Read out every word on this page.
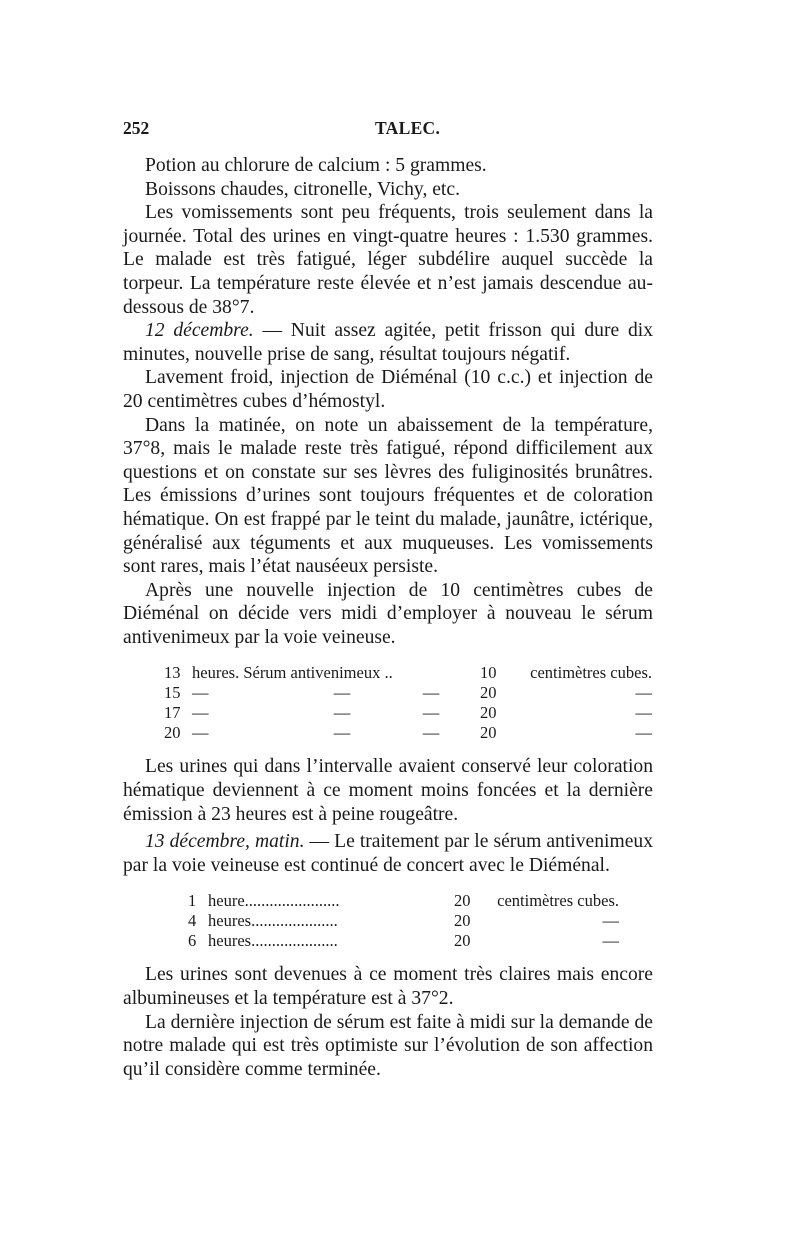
252	TALEC.

Potion au chlorure de calcium : 5 grammes.

Boissons chaudes, citronelle, Vichy, etc.

Les vomissements sont peu fréquents, trois seulement dans la journée. Total des urines en vingt-quatre heures : 1.530 grammes. Le malade est très fatigué, léger subdélire auquel succède la torpeur. La température reste élevée et n’est jamais descendue au-dessous de 38°7.

12 décembre. — Nuit assez agitée, petit frisson qui dure dix minutes, nouvelle prise de sang, résultat toujours négatif.

Lavement froid, injection de Diéménal (10 c.c.) et injection de 20 centimètres cubes d’hémostyl.

Dans la matinée, on note un abaissement de la température, 37°8, mais le malade reste très fatigué, répond difficilement aux questions et on constate sur ses lèvres des fuliginosités brunâtres. Les émissions d’urines sont toujours fréquentes et de coloration hématique. On est frappé par le teint du malade, jaunâtre, ictérique, généralisé aux téguments et aux muqueuses. Les vomissements sont rares, mais l’état nauséeux persiste.

Après une nouvelle injection de 10 centimètres cubes de Diéménal on décide vers midi d’employer à nouveau le sérum antivenimeux par la voie veineuse.

13	heures. Sérum antivenimeux ..			10	centimètres cubes.
15	—	—	—	20	—
17	—	—	—	20	—
20	—	—	—	20	—

Les urines qui dans l’intervalle avaient conservé leur coloration hématique deviennent à ce moment moins foncées et la dernière émission à 23 heures est à peine rougeâtre.

13 décembre, matin. — Le traitement par le sérum antivenimeux par la voie veineuse est continué de concert avec le Diéménal.

1	heure.......................	20	centimètres cubes.
4	heures.....................	20	—
6	heures.....................	20	—

Les urines sont devenues à ce moment très claires mais encore albumineuses et la température est à 37°2.

La dernière injection de sérum est faite à midi sur la demande de notre malade qui est très optimiste sur l’évolution de son affection qu’il considère comme terminée.
